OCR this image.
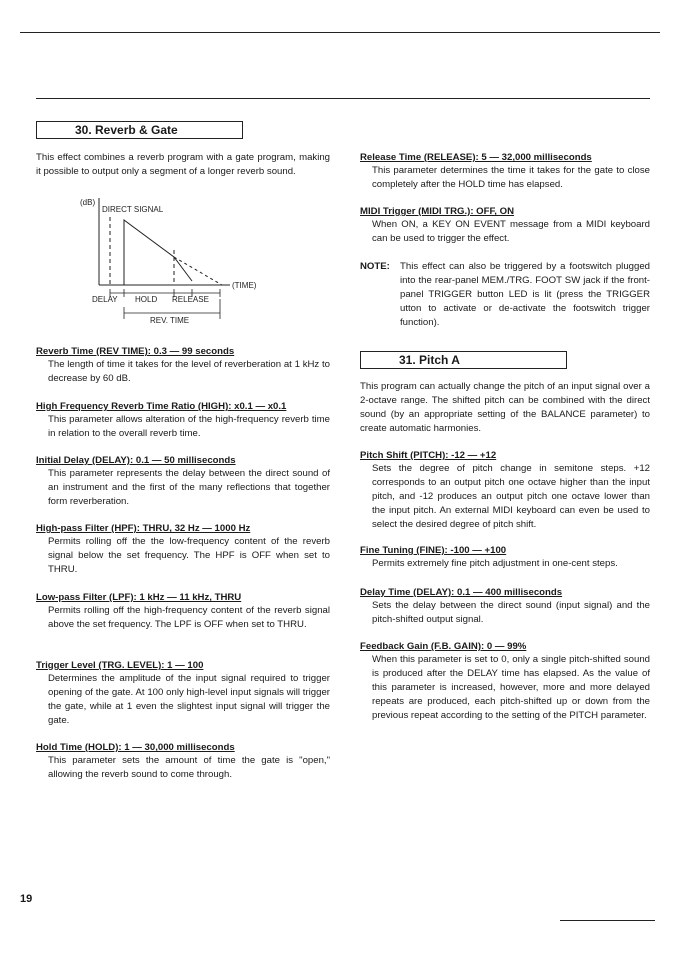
30. Reverb & Gate

This effect combines a reverb program with a gate program, making it possible to output only a segment of a longer reverb sound.

(dB)
DIRECT SIGNAL
(TIME)
DELAY HOLD RELEASE
REV. TIME
Reverb Time (REV TIME): 0.3 — 99 seconds

The length of time it takes for the level of reverberation at 1 kHz to decrease by 60 dB.

High Frequency Reverb Time Ratio (HIGH): x0.1 — x0.1

This parameter allows alteration of the high-frequency reverb time in relation to the overall reverb time.

Initial Delay (DELAY): 0.1 — 50 milliseconds

This parameter represents the delay between the direct sound of an instrument and the first of the many reflections that together form reverberation.

High-pass Filter (HPF): THRU, 32 Hz — 1000 Hz

Permits rolling off the the low-frequency content of the reverb signal below the set frequency. The HPF is OFF when set to THRU.

Low-pass Filter (LPF): 1 kHz — 11 kHz, THRU

Permits rolling off the high-frequency content of the reverb signal above the set frequency. The LPF is OFF when set to THRU.

Trigger Level (TRG. LEVEL): 1 — 100

Determines the amplitude of the input signal required to trigger opening of the gate. At 100 only high-level input signals will trigger the gate, while at 1 even the slightest input signal will trigger the gate.

Hold Time (HOLD): 1 — 30,000 milliseconds

This parameter sets the amount of time the gate is "open," allowing the reverb sound to come through.

Release Time (RELEASE): 5 — 32,000 milliseconds

This parameter determines the time it takes for the gate to close completely after the HOLD time has elapsed.

MIDI Trigger (MIDI TRG.): OFF, ON

When ON, a KEY ON EVENT message from a MIDI keyboard can be used to trigger the effect.

NOTE: This effect can also be triggered by a footswitch plugged into the rear-panel MEM./TRG. FOOT SW jack if the front-panel TRIGGER button LED is lit (press the TRIGGER utton to activate or de-activate the footswitch trigger function).

31. Pitch A

This program can actually change the pitch of an input signal over a 2-octave range. The shifted pitch can be combined with the direct sound (by an appropriate setting of the BALANCE parameter) to create automatic harmonies.

Pitch Shift (PITCH): -12 — +12

Sets the degree of pitch change in semitone steps. +12 corresponds to an output pitch one octave higher than the input pitch, and -12 produces an output pitch one octave lower than the input pitch. An external MIDI keyboard can even be used to select the desired degree of pitch shift.

Fine Tuning (FINE): -100 — +100

Permits extremely fine pitch adjustment in one-cent steps.

Delay Time (DELAY): 0.1 — 400 milliseconds

Sets the delay between the direct sound (input signal) and the pitch-shifted output signal.

Feedback Gain (F.B. GAIN): 0 — 99%

When this parameter is set to 0, only a single pitch-shifted sound is produced after the DELAY time has elapsed. As the value of this parameter is increased, however, more and more delayed repeats are produced, each pitch-shifted up or down from the previous repeat according to the setting of the PITCH parameter.

19
